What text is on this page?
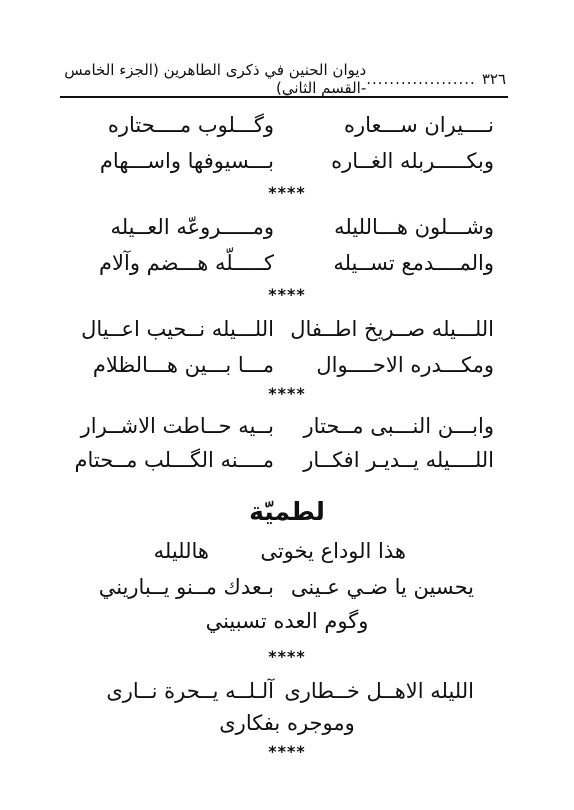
٣٢٦
...................
ديوان الحنين في ذكرى الطاهرين (الجزء الخامس -القسم الثاني)
نــــيران ســـعاره
وگـــلوب مــــحتاره
وبكـــــربله الغــاره
بـــسيوفها واســـهام
****
وشـــلون هـــالليله
ومـــــروعّه العــيله
والمــــدمع تســيله
كـــــلّه هـــضم وآلام
****
اللـــيله صــريخ اطــفال
اللـــيله نــحيب اعــيال
ومكـــدره الاحــــوال
مـــا بـــين هـــالظلام
****
وابـــن النـــبى مــحتار
بــيه حــاطت الاشــرار
اللــــيله يــديـر افكــار
مــــنه الگـــلب مــحتام
لطميّة
هذا الوداع يخوتى
هالليله
يحسين يا ضـي عـينى
بـعدك مــنو يــباريني
وگوم العده تسبيني
****
الليله الاهــل خــطارى
آلـلــه يــحرة نــارى
وموجره بفكارى
****
